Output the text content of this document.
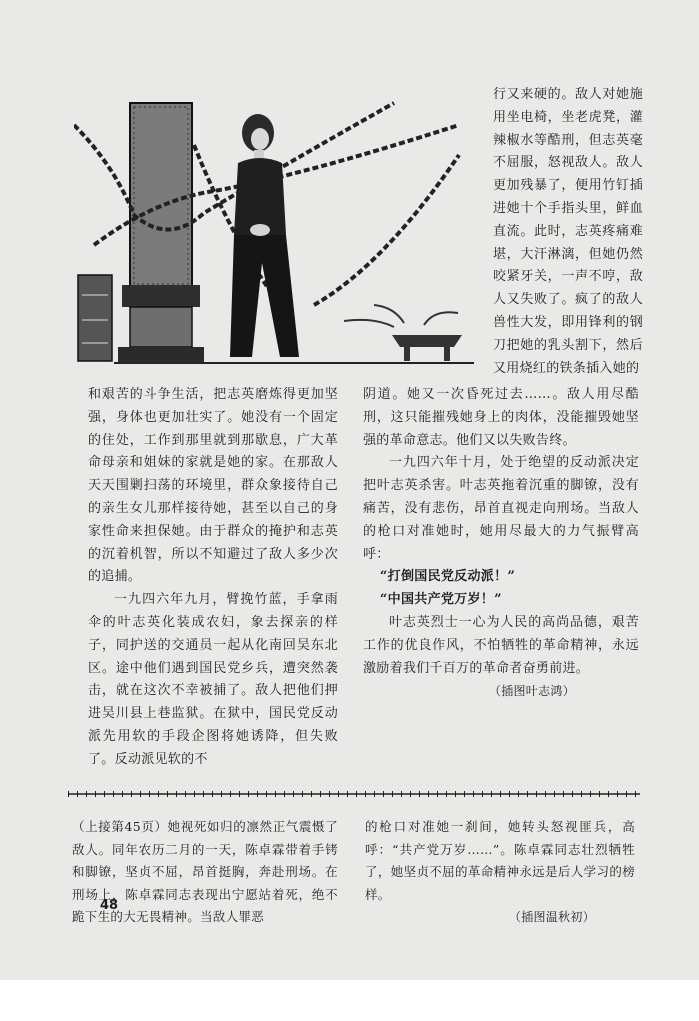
行又来硬的。敌人对她施用坐电椅，坐老虎凳，灌辣椒水等酷刑，但志英毫不屈服，怒视敌人。敌人更加残暴了，便用竹钉插进她十个手指头里，鲜血直流。此时，志英疼痛难堪，大汗淋漓，但她仍然咬紧牙关，一声不哼，敌人又失败了。疯了的敌人兽性大发，即用锋利的钢刀把她的乳头割下，然后又用烧红的铁条插入她的

和艰苦的斗争生活，把志英磨炼得更加坚强，身体也更加壮实了。她没有一个固定的住处，工作到那里就到那歇息，广大革命母亲和姐妹的家就是她的家。在那敌人天天围剿扫荡的环境里，群众象接待自己的亲生女儿那样接待她，甚至以自己的身家性命来担保她。由于群众的掩护和志英的沉着机智，所以不知避过了敌人多少次的追捕。

一九四六年九月，臂挽竹蓝，手拿雨伞的叶志英化装成农妇，象去探亲的样子，同护送的交通员一起从化南回吴东北区。途中他们遇到国民党乡兵，遭突然袭击，就在这次不幸被捕了。敌人把他们押进吴川县上巷监狱。在狱中，国民党反动派先用软的手段企图将她诱降，但失败了。反动派见软的不

阴道。她又一次昏死过去……。敌人用尽酷刑，这只能摧残她身上的肉体，没能摧毁她坚强的革命意志。他们又以失败告终。

一九四六年十月，处于绝望的反动派决定把叶志英杀害。叶志英拖着沉重的脚镣，没有痛苦，没有悲伤，昂首直视走向刑场。当敌人的枪口对准她时，她用尽最大的力气振臂高呼：

“打倒国民党反动派！”

“中国共产党万岁！”

叶志英烈士一心为人民的高尚品德，艰苦工作的优良作风，不怕牺牲的革命精神，永远激励着我们千百万的革命者奋勇前进。

（插图叶志鸿）

（上接第45页）她视死如归的凛然正气震慑了敌人。同年农历二月的一天，陈卓霖带着手铐和脚镣，坚贞不屈，昂首挺胸，奔赴刑场。在刑场上，陈卓霖同志表现出宁愿站着死，绝不跪下生的大无畏精神。当敌人罪恶

的枪口对准她一刹间，她转头怒视匪兵，高呼：“共产党万岁……”。陈卓霖同志壮烈牺牲了，她坚贞不屈的革命精神永远是后人学习的榜样。

（插图温秋初）

48
